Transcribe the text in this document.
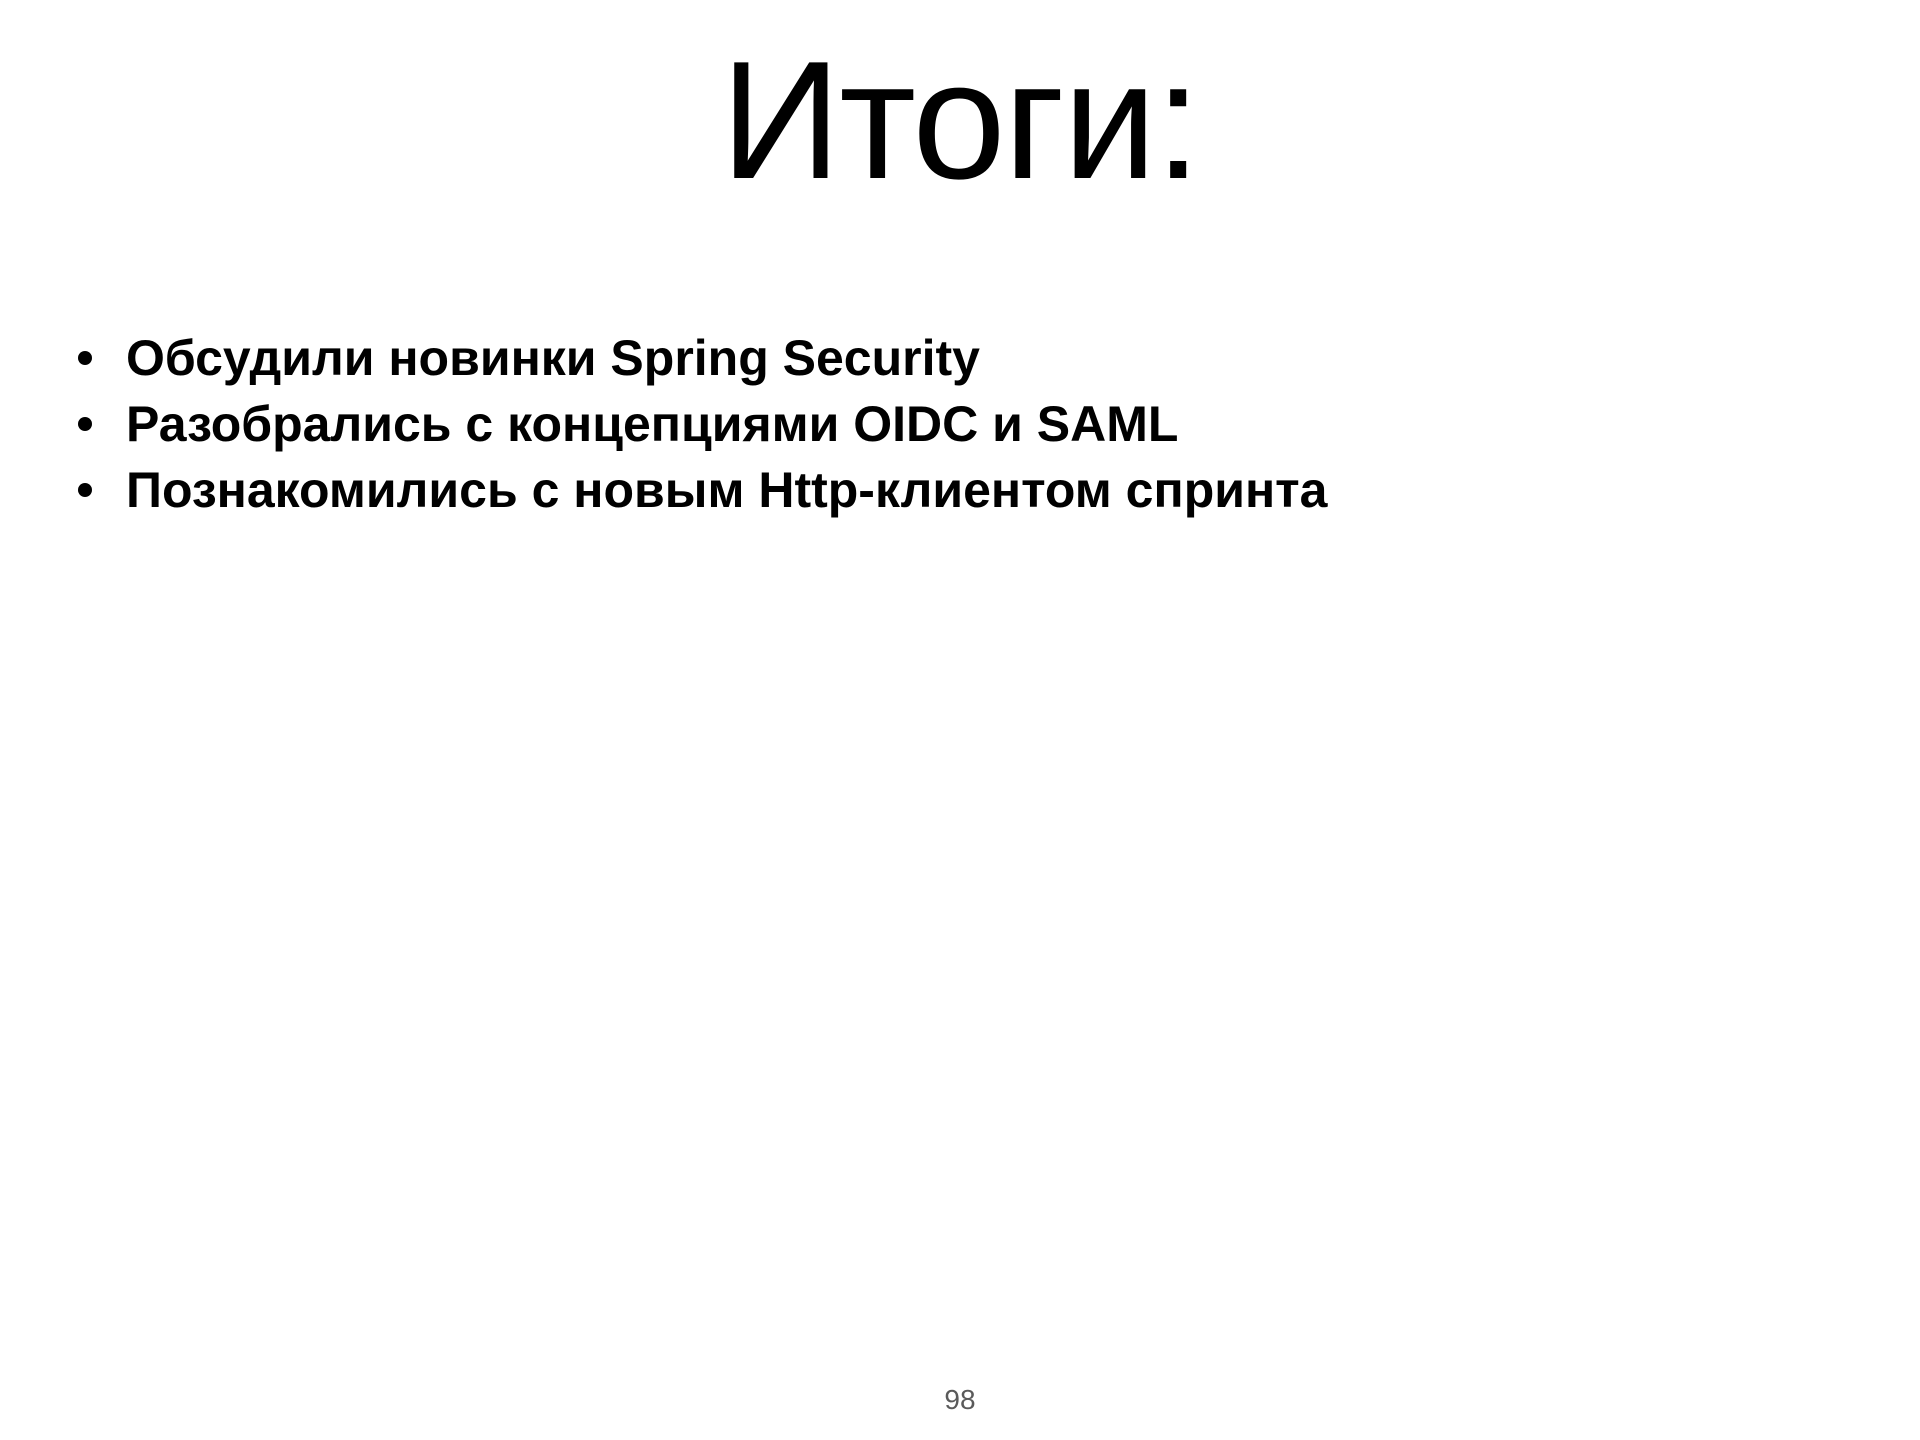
Итоги:
Обсудили новинки Spring Security
Разобрались с концепциями OIDC и SAML
Познакомились с новым Http-клиентом спринта
98
